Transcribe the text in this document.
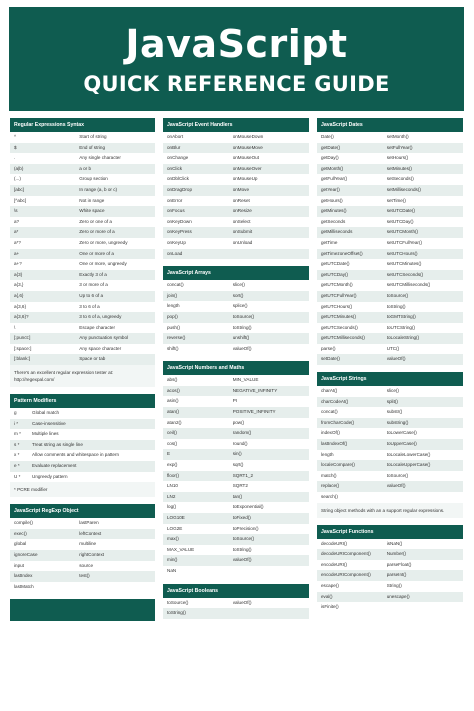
JavaScript
QUICK REFERENCE GUIDE
Regular Expressions Syntax
^	Start of string
$	End of string
.	Any single character
(a|b)	a or b
(...)	Group section
[abc]	In range (a, b or c)
[^abc]	Not in range
\s	White space
a?	Zero or one of a
a*	Zero or more of a
a*?	Zero or more, ungreedy
a+	One or more of a
a+?	One or more, ungreedy
a{3}	Exactly 3 of a
a{3,}	3 or more of a
a{,6}	Up to 6 of a
a{3,6}	3 to 6 of a
a{3,6}?	3 to 6 of a, ungreedy
\	Escape character
[:punct:]	Any punctuation symbol
[:space:]	Any space character
[:blank:]	Space or tab
There's an excellent regular expression tester at: http://regexpal.com/
Pattern Modifiers
g	Global match
i *	Case-insensitive
m *	Multiple lines
s *	Treat string as single line
x *	Allow comments and whitespace in pattern
e *	Evaluate replacement
U *	Ungreedy pattern
* PCRE modifier
JavaScript RegExp Object
compile()	lastParen
exec()	leftContext
global	multiline
ignoreCase	rightContext
input	source
lastIndex	test()
lastMatch
JavaScript Event Handlers
onAbort	onMouseDown
onBlur	onMouseMove
onChange	onMouseOut
onClick	onMouseOver
onDblClick	onMouseUp
onDragDrop	onMove
onError	onReset
onFocus	onResize
onKeyDown	onSelect
onKeyPress	onSubmit
onKeyUp	onUnload
onLoad
JavaScript Arrays
concat()	slice()
join()	sort()
length	splice()
pop()	toSource()
push()	toString()
reverse()	unshift()
shift()	valueOf()
JavaScript Numbers and Maths
abs()	MIN_VALUE
acos()	NEGATIVE_INFINITY
asin()	PI
atan()	POSITIVE_INFINITY
atan2()	pow()
ceil()	random()
cos()	round()
E	sin()
exp()	sqrt()
floor()	SQRT1_2
LN10	SQRT2
LN2	tan()
log()	toExponential()
LOG10E	toFixed()
LOG2E	toPrecision()
max()	toSource()
MAX_VALUE	toString()
min()	valueOf()
NaN
JavaScript Booleans
toSource()	valueOf()
toString()
JavaScript Dates
Date()	setMonth()
getDate()	setFullYear()
getDay()	setHours()
getMonth()	setMinutes()
getFullYear()	setSeconds()
getYear()	setMilliseconds()
getHours()	setTime()
getMinutes()	setUTCDate()
getSeconds	setUTCDay()
getMilliseconds	setUTCMonth()
getTime	setUTCFullYear()
getTimezoneOffset()	setUTCHours()
getUTCDate()	setUTCMinutes()
getUTCDay()	setUTCSeconds()
getUTCMonth()	setUTCMilliseconds()
getUTCFullYear()	toSource()
getUTCHours()	toString()
getUTCMinutes()	toGMTString()
getUTCSeconds()	toUTCString()
getUTCMilliseconds()	toLocaleString()
parse()	UTC()
setDate()	valueOf()
JavaScript Strings
charAt()	slice()
charCodeAt()	split()
concat()	substr()
fromCharCode()	substring()
indexOf()	toLowerCase()
lastIndexOf()	toUpperCase()
length	toLocaleLowerCase()
localeCompare()	toLocaleUpperCase()
match()	toSource()
replace()	valueOf()
search()
String object methods with an a support regular expressions.
JavaScript Functions
decodeURI()	isNaN()
decodeURIComponent()	Number()
encodeURI()	parseFloat()
encodeURIComponent()	parseInt()
escape()	String()
eval()	unescape()
isFinite()
